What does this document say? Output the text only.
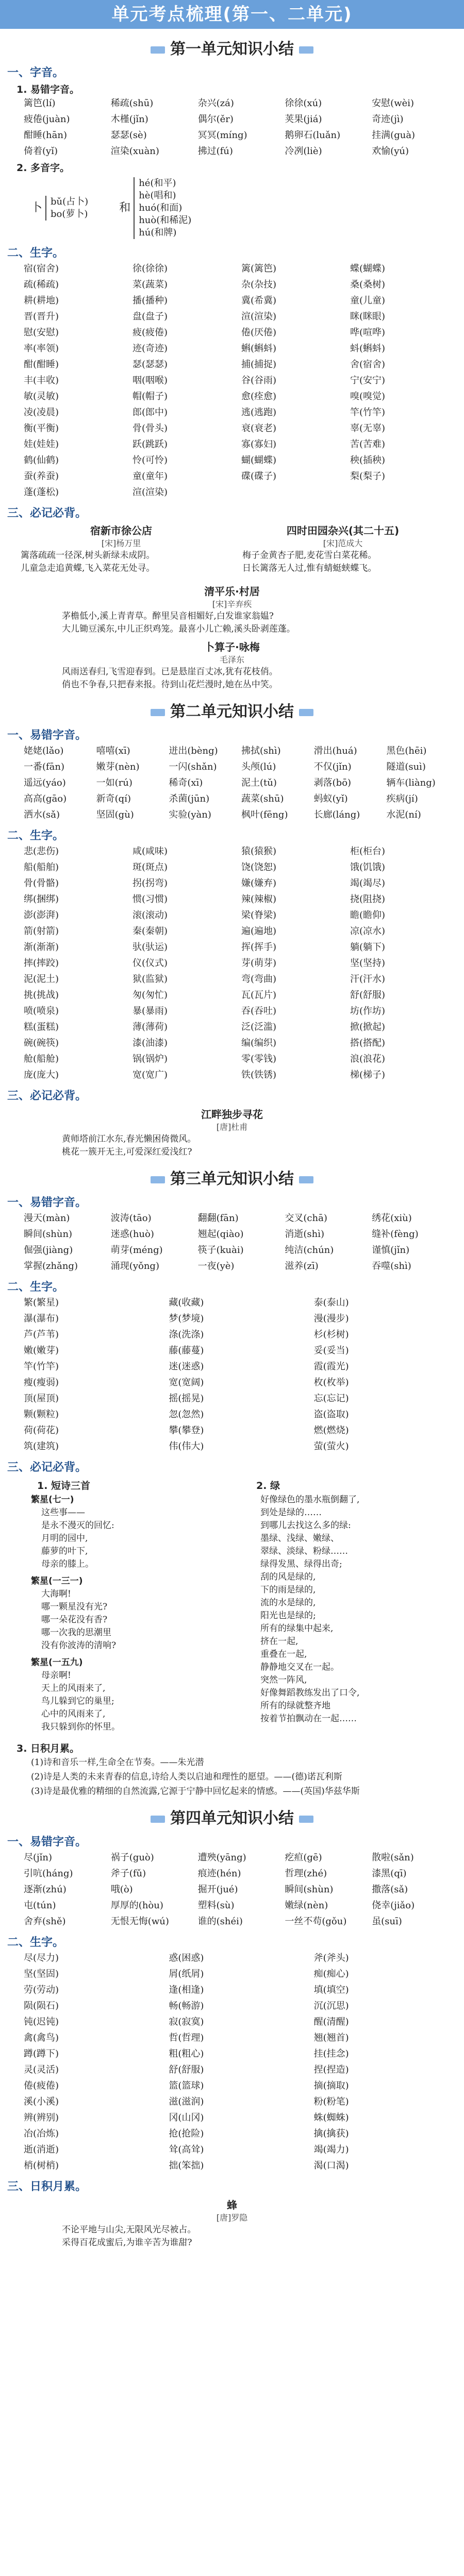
单元考点梳理(第一、二单元)
第一单元知识小结
一、字音。
1. 易错字音。
篱笆(lí)	稀疏(shū)	杂兴(zá)	徐徐(xú)	安慰(wèi)
疲倦(juàn)	木槿(jǐn)	偶尔(ěr)	荚果(jiá)	奇迹(jì)
酣睡(hān)	瑟瑟(sè)	冥冥(míng)	鹅卵石(luǎn)	挂满(guà)
倚着(yǐ)	渲染(xuàn)	拂过(fú)	冷冽(liè)	欢愉(yú)
2. 多音字。
卜 bǔ(占卜)
bo(萝卜)	和
hé(和平)
hè(唱和)
huó(和面)
huò(和稀泥)
hú(和牌)
二、生字。
宿(宿舍)	徐(徐徐)	篱(篱笆)	蝶(蝴蝶)
疏(稀疏)	菜(蔬菜)	杂(杂技)	桑(桑树)
耕(耕地)	播(播种)	冀(希冀)	童(儿童)
晋(晋升)	盘(盘子)	渲(渲染)	眯(眯眼)
慰(安慰)	疲(疲倦)	倦(厌倦)	哗(喧哗)
率(率领)	迹(奇迹)	蝌(蝌蚪)	蚪(蝌蚪)
酣(酣睡)	瑟(瑟瑟)	捕(捕捉)	舍(宿舍)
丰(丰收)	咽(咽喉)	谷(谷雨)	宁(安宁)
敏(灵敏)	帽(帽子)	愈(痊愈)	嗅(嗅觉)
凌(凌晨)	郎(郎中)	逃(逃跑)	竿(竹竿)
衡(平衡)	骨(骨头)	衰(衰老)	辜(无辜)
娃(娃娃)	跃(跳跃)	寡(寡妇)	苦(苦难)
鹤(仙鹤)	怜(可怜)	蝴(蝴蝶)	秧(插秧)
蚕(养蚕)	童(童年)	碟(碟子)	梨(梨子)
蓬(蓬松)	渲(渲染)
三、必记必背。
宿新市徐公店
[宋]杨万里
篱落疏疏一径深,树头新绿未成阴。
儿童急走追黄蝶,飞入菜花无处寻。
四时田园杂兴(其二十五)
[宋]范成大
梅子金黄杏子肥,麦花雪白菜花稀。
日长篱落无人过,惟有蜻蜓蛱蝶飞。
清平乐·村居
[宋]辛弃疾
茅檐低小,溪上青青草。醉里吴音相媚好,白发谁家翁媪?
大儿锄豆溪东,中儿正织鸡笼。最喜小儿亡赖,溪头卧剥莲蓬。
卜算子·咏梅
毛泽东
风雨送春归,飞雪迎春到。已是悬崖百丈冰,犹有花枝俏。
俏也不争春,只把春来报。待到山花烂漫时,她在丛中笑。
第二单元知识小结
一、易错字音。
姥姥(lǎo)	嘻嘻(xī)	迸出(bèng)	拂拭(shì)	滑出(huá)	黑色(hēi)
一番(fān)	嫩芽(nèn)	一闪(shǎn)	头颅(lú)	不仅(jǐn)	隧道(suì)
遥远(yáo)	一如(rú)	稀奇(xī)	泥土(tǔ)	剥落(bō)	辆车(liàng)
高高(gāo)	新奇(qí)	杀菌(jūn)	蔬菜(shū)	蚂蚁(yǐ)	疾病(jí)
洒水(sǎ)	坚固(gù)	实验(yàn)	枫叶(fēng)	长廊(láng)	水泥(ní)
二、生字。
悲(悲伤)	咸(咸味)	猿(猿猴)	柜(柜台)
船(船舶)	斑(斑点)	饶(饶恕)	饿(饥饿)
骨(骨骼)	拐(拐弯)	嫌(嫌弃)	竭(竭尽)
绑(捆绑)	惯(习惯)	辣(辣椒)	挠(阻挠)
澎(澎湃)	滚(滚动)	梁(脊梁)	瞻(瞻仰)
箭(射箭)	秦(秦朝)	遍(遍地)	凉(凉水)
渐(渐渐)	驮(驮运)	挥(挥手)	躺(躺下)
摔(摔跤)	仪(仪式)	芽(萌芽)	坚(坚持)
泥(泥土)	狱(监狱)	弯(弯曲)	汗(汗水)
挑(挑战)	匆(匆忙)	瓦(瓦片)	舒(舒服)
喷(喷泉)	暴(暴雨)	吞(吞吐)	坊(作坊)
糕(蛋糕)	薄(薄荷)	泛(泛滥)	掀(掀起)
碗(碗筷)	漆(油漆)	编(编织)	搭(搭配)
舱(船舱)	锅(锅炉)	零(零钱)	浪(浪花)
庞(庞大)	宽(宽广)	铁(铁锈)	梯(梯子)
三、必记必背。
江畔独步寻花
[唐]杜甫
黄师塔前江水东,春光懒困倚微风。
桃花一簇开无主,可爱深红爱浅红?
第三单元知识小结
一、易错字音。
漫天(màn)	波涛(tāo)	翻翻(fān)	交叉(chā)	绣花(xiù)
瞬间(shùn)	迷惑(huò)	翘起(qiào)	消逝(shì)	缝补(fèng)
倔强(jiàng)	萌芽(méng)	筷子(kuài)	纯洁(chún)	谨慎(jǐn)
掌握(zhǎng)	涌现(yǒng)	一夜(yè)	滋养(zī)	吞噬(shì)
二、生字。
繁(繁星)	藏(收藏)	泰(泰山)
瀑(瀑布)	梦(梦境)	漫(漫步)
芦(芦苇)	涤(洗涤)	杉(杉树)
嫩(嫩芽)	藤(藤蔓)	妥(妥当)
竿(竹竿)	迷(迷惑)	霞(霞光)
瘦(瘦弱)	宽(宽阔)	枚(枚举)
顶(屋顶)	摇(摇晃)	忘(忘记)
颗(颗粒)	忽(忽然)	盗(盗取)
荷(荷花)	攀(攀登)	燃(燃烧)
筑(建筑)	伟(伟大)	萤(萤火)
三、必记必背。
1. 短诗三首
繁星(七一)
这些事——
是永不漫灭的回忆:
月明的园中,
藤萝的叶下,
母亲的膝上。
繁星(一三一)
大海啊!
哪一颗星没有光?
哪一朵花没有香?
哪一次我的思潮里
没有你波涛的清响?
繁星(一五九)
母亲啊!
天上的风雨来了,
鸟儿躲到它的巢里;
心中的风雨来了,
我只躲到你的怀里。
2. 绿
好像绿色的墨水瓶倒翻了,
到处是绿的……
到哪儿去找这么多的绿:
墨绿、浅绿、嫩绿、
翠绿、淡绿、粉绿……
绿得发黑、绿得出奇;
刮的风是绿的,
下的雨是绿的,
流的水是绿的,
阳光也是绿的;
所有的绿集中起来,
挤在一起,
重叠在一起,
静静地交叉在一起。
突然一阵风,
好像舞蹈教练发出了口令,
所有的绿就整齐地
按着节拍飘动在一起……
3. 日积月累。
(1)诗和音乐一样,生命全在节奏。——朱光潜
(2)诗是人类的未来青春的信息,诗给人类以启迪和理性的愿望。——(德)诺瓦利斯
(3)诗是最优雅的精细的自然流露,它源于宁静中回忆起来的情感。——(英国)华兹华斯
第四单元知识小结
一、易错字音。
尽(jǐn)	祸子(guò)	遭殃(yāng)	疙疸(gē)	散啦(sǎn)
引吭(háng)	斧子(fǔ)	痕迹(hén)	哲理(zhé)	漆黑(qī)
逐渐(zhú)	哦(ò)	掘开(jué)	瞬间(shùn)	撒落(sǎ)
屯(tún)	厚厚的(hòu)	塑料(sù)	嫩绿(nèn)	侥幸(jiǎo)
舍弃(shě)	无恨无悔(wú)	谁的(shéi)	一丝不苟(gǒu)	虽(suī)
二、生字。
尽(尽力)	惑(困惑)	斧(斧头)
坚(坚固)	屑(纸屑)	痴(痴心)
劳(劳动)	逢(相逢)	填(填空)
陨(陨石)	畅(畅游)	沉(沉思)
钝(迟钝)	寂(寂寞)	醒(清醒)
禽(禽鸟)	哲(哲理)	翘(翘首)
蹲(蹲下)	粗(粗心)	挂(挂念)
灵(灵活)	舒(舒服)	捏(捏造)
倦(疲倦)	篮(篮球)	摘(摘取)
溪(小溪)	滋(滋润)	粉(粉笔)
辨(辨别)	冈(山冈)	蛛(蜘蛛)
冶(冶炼)	抢(抢险)	擒(擒获)
逝(消逝)	耸(高耸)	竭(竭力)
梢(树梢)	拙(笨拙)	渴(口渴)
三、日积月累。
蜂
[唐]罗隐
不论平地与山尖,无限风光尽被占。
采得百花成蜜后,为谁辛苦为谁甜?
